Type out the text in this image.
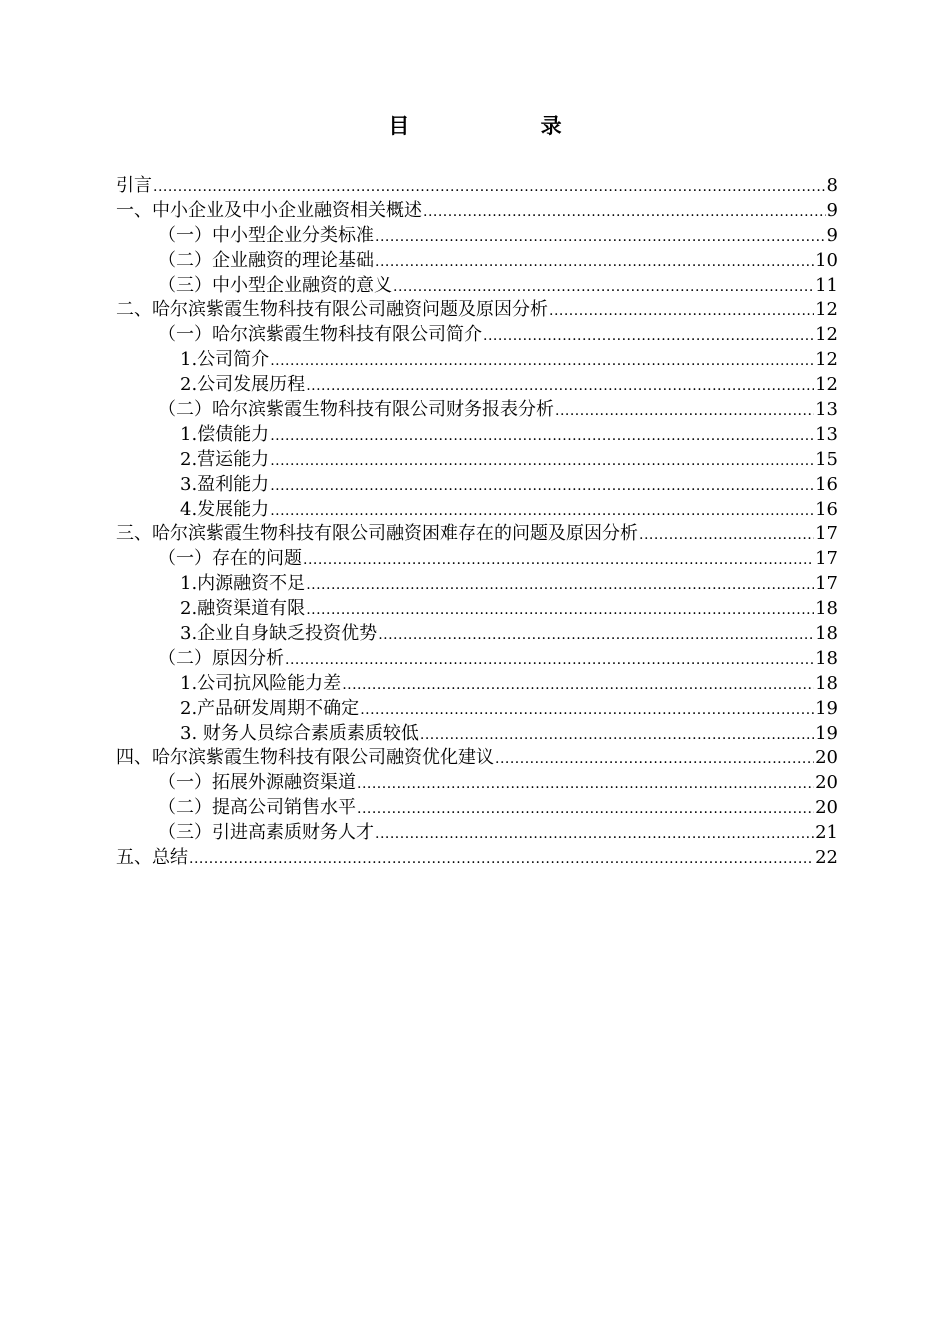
目 录
引言 .....	8
一、中小企业及中小企业融资相关概述 .....	9
（一）中小型企业分类标准 .....	9
（二）企业融资的理论基础 .....	10
（三）中小型企业融资的意义 .....	11
二、哈尔滨紫霞生物科技有限公司融资问题及原因分析 .....	12
（一）哈尔滨紫霞生物科技有限公司简介 .....	12
1.公司简介 .....	12
2.公司发展历程 .....	12
（二）哈尔滨紫霞生物科技有限公司财务报表分析 .....	13
1.偿债能力 .....	13
2.营运能力 .....	15
3.盈利能力 .....	16
4.发展能力 .....	16
三、哈尔滨紫霞生物科技有限公司融资困难存在的问题及原因分析 .....	17
（一）存在的问题 .....	17
1.内源融资不足 .....	17
2.融资渠道有限 .....	18
3.企业自身缺乏投资优势 .....	18
（二）原因分析 .....	18
1.公司抗风险能力差 .....	18
2.产品研发周期不确定 .....	19
3. 财务人员综合素质素质较低 .....	19
四、哈尔滨紫霞生物科技有限公司融资优化建议 .....	20
（一）拓展外源融资渠道 .....	20
（二）提高公司销售水平 .....	20
（三）引进高素质财务人才 .....	21
五、总结 .....	22
